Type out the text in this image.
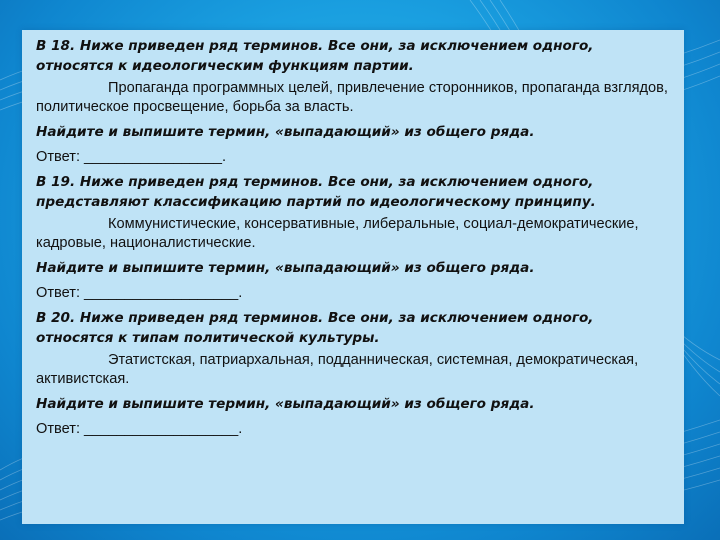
В 18. Ниже приведен ряд терминов. Все они, за исключением одного,
относятся к идеологическим функциям партии.

Пропаганда программных целей, привлечение сторонников, пропаганда взглядов, политическое просвещение, борьба за власть.

Найдите и выпишите термин, «выпадающий» из общего ряда.

Ответ: _________________.

В 19. Ниже приведен ряд терминов. Все они, за исключением одного,
представляют классификацию партий по идеологическому принципу.

Коммунистические, консервативные, либеральные, социал-демократические, кадровые, националистические.

Найдите и выпишите термин, «выпадающий» из общего ряда.

Ответ: ___________________.

В 20. Ниже приведен ряд терминов. Все они, за исключением одного,
относятся к типам политической культуры.

Этатистская, патриархальная, подданническая, системная, демократическая, активистская.

Найдите и выпишите термин, «выпадающий» из общего ряда.

Ответ: ___________________.
